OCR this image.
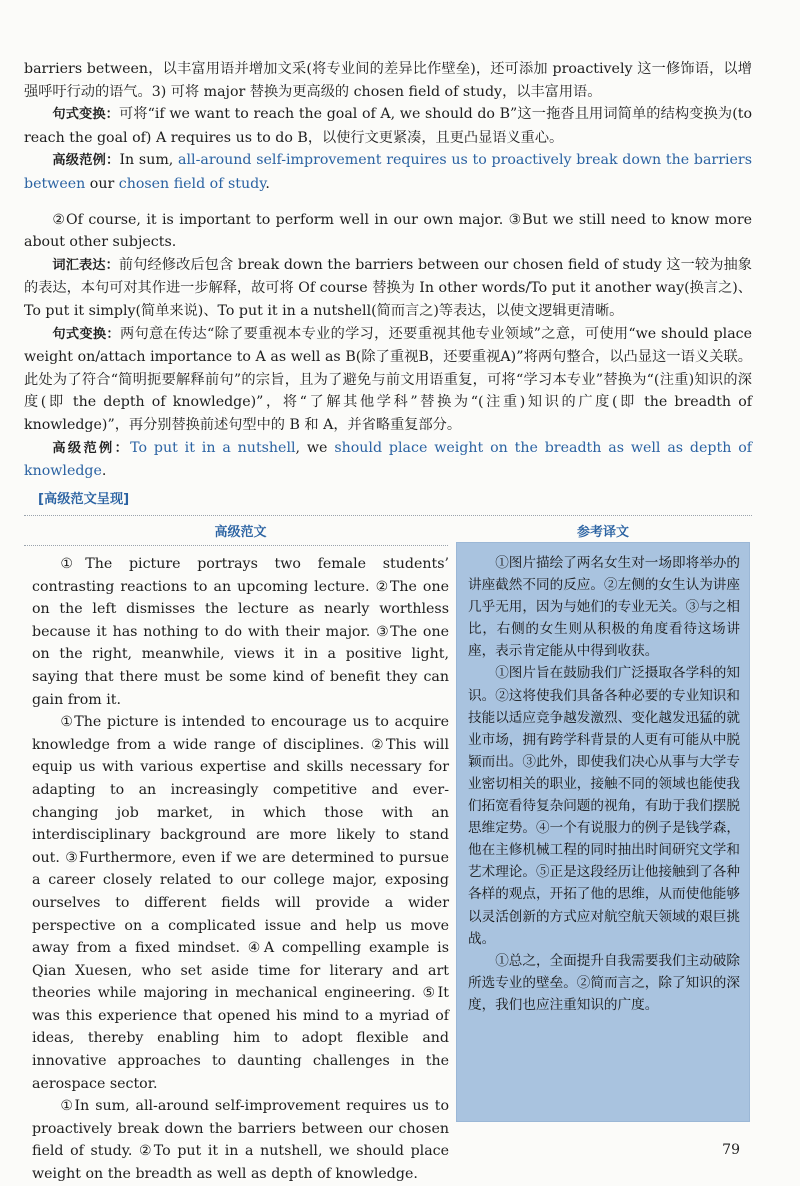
barriers between，以丰富用语并增加文采(将专业间的差异比作壁垒)，还可添加 proactively 这一修饰语，以增强呼吁行动的语气。3) 可将 major 替换为更高级的 chosen field of study，以丰富用语。

句式变换：可将“if we want to reach the goal of A, we should do B”这一拖沓且用词简单的结构变换为(to reach the goal of) A requires us to do B，以使行文更紧凑，且更凸显语义重心。

高级范例：In sum, all-around self-improvement requires us to proactively break down the barriers between our chosen field of study.

②Of course, it is important to perform well in our own major. ③But we still need to know more about other subjects.

词汇表达：前句经修改后包含 break down the barriers between our chosen field of study 这一较为抽象的表达，本句可对其作进一步解释，故可将 Of course 替换为 In other words/To put it another way(换言之)、To put it simply(简单来说)、To put it in a nutshell(简而言之)等表达，以使文逻辑更清晰。

句式变换：两句意在传达“除了要重视本专业的学习，还要重视其他专业领域”之意，可使用“we should place weight on/attach importance to A as well as B(除了重视B，还要重视A)”将两句整合，以凸显这一语义关联。此处为了符合“简明扼要解释前句”的宗旨，且为了避免与前文用语重复，可将“学习本专业”替换为“(注重)知识的深度(即 the depth of knowledge)”，将“了解其他学科”替换为“(注重)知识的广度(即 the breadth of knowledge)”，再分别替换前述句型中的 B 和 A，并省略重复部分。

高级范例：To put it in a nutshell, we should place weight on the breadth as well as depth of knowledge.

[高级范文呈现]

高级范文	参考译文

①The picture portrays two female students’ contrasting reactions to an upcoming lecture. ②The one on the left dismisses the lecture as nearly worthless because it has nothing to do with their major. ③The one on the right, meanwhile, views it in a positive light, saying that there must be some kind of benefit they can gain from it.

①The picture is intended to encourage us to acquire knowledge from a wide range of disciplines. ②This will equip us with various expertise and skills necessary for adapting to an increasingly competitive and ever-changing job market, in which those with an interdisciplinary background are more likely to stand out. ③Furthermore, even if we are determined to pursue a career closely related to our college major, exposing ourselves to different fields will provide a wider perspective on a complicated issue and help us move away from a fixed mindset. ④A compelling example is Qian Xuesen, who set aside time for literary and art theories while majoring in mechanical engineering. ⑤It was this experience that opened his mind to a myriad of ideas, thereby enabling him to adopt flexible and innovative approaches to daunting challenges in the aerospace sector.

①In sum, all-around self-improvement requires us to proactively break down the barriers between our chosen field of study. ②To put it in a nutshell, we should place weight on the breadth as well as depth of knowledge.

①图片描绘了两名女生对一场即将举办的讲座截然不同的反应。②左侧的女生认为讲座几乎无用，因为与她们的专业无关。③与之相比，右侧的女生则从积极的角度看待这场讲座，表示肯定能从中得到收获。

①图片旨在鼓励我们广泛摄取各学科的知识。②这将使我们具备各种必要的专业知识和技能以适应竞争越发激烈、变化越发迅猛的就业市场，拥有跨学科背景的人更有可能从中脱颖而出。③此外，即使我们决心从事与大学专业密切相关的职业，接触不同的领域也能使我们拓宽看待复杂问题的视角，有助于我们摆脱思维定势。④一个有说服力的例子是钱学森，他在主修机械工程的同时抽出时间研究文学和艺术理论。⑤正是这段经历让他接触到了各种各样的观点，开拓了他的思维，从而使他能够以灵活创新的方式应对航空航天领域的艰巨挑战。

①总之，全面提升自我需要我们主动破除所选专业的壁垒。②简而言之，除了知识的深度，我们也应注重知识的广度。

79
